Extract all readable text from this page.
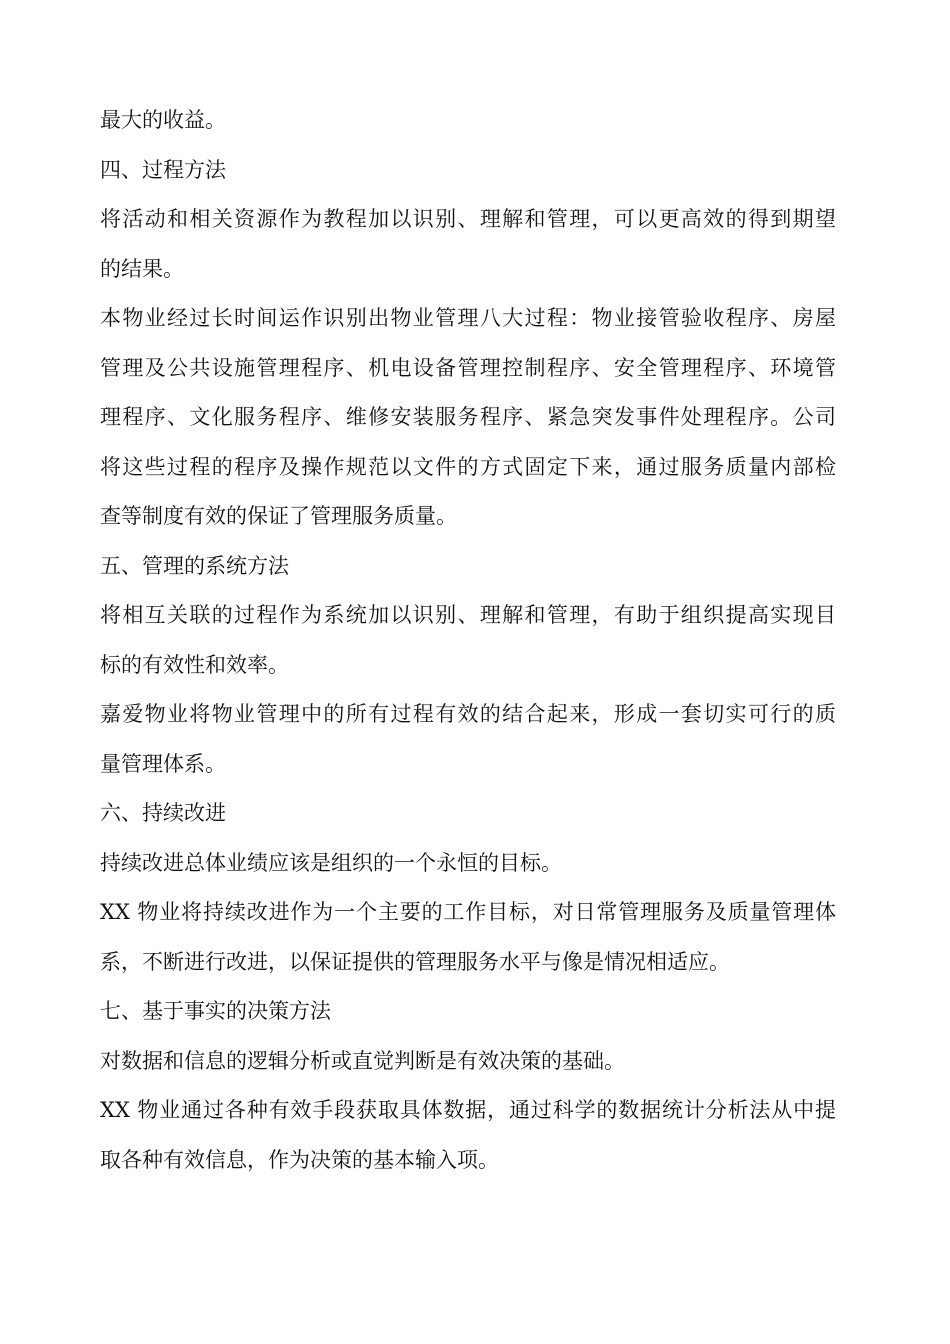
最大的收益。
四、过程方法
将活动和相关资源作为教程加以识别、理解和管理，可以更高效的得到期望
的结果。
本物业经过长时间运作识别出物业管理八大过程：物业接管验收程序、房屋
管理及公共设施管理程序、机电设备管理控制程序、安全管理程序、环境管
理程序、文化服务程序、维修安装服务程序、紧急突发事件处理程序。公司
将这些过程的程序及操作规范以文件的方式固定下来，通过服务质量内部检
查等制度有效的保证了管理服务质量。
五、管理的系统方法
将相互关联的过程作为系统加以识别、理解和管理，有助于组织提高实现目
标的有效性和效率。
嘉爱物业将物业管理中的所有过程有效的结合起来，形成一套切实可行的质
量管理体系。
六、持续改进
持续改进总体业绩应该是组织的一个永恒的目标。
XX 物业将持续改进作为一个主要的工作目标，对日常管理服务及质量管理体
系，不断进行改进，以保证提供的管理服务水平与像是情况相适应。
七、基于事实的决策方法
对数据和信息的逻辑分析或直觉判断是有效决策的基础。
XX 物业通过各种有效手段获取具体数据，通过科学的数据统计分析法从中提
取各种有效信息，作为决策的基本输入项。
